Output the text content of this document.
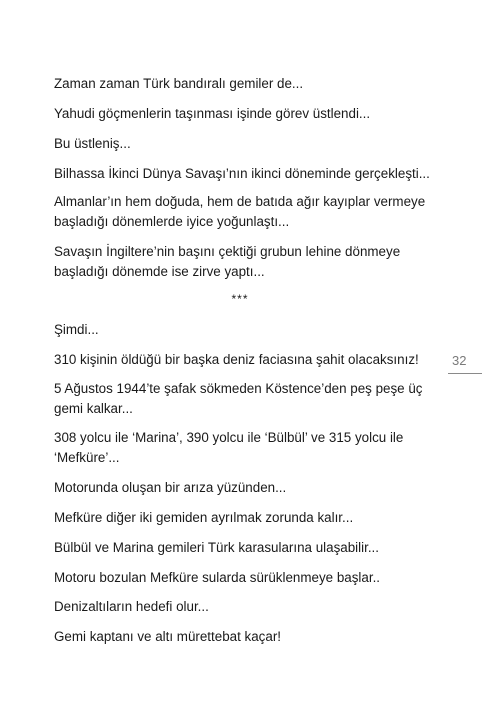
Zaman zaman Türk bandıralı gemiler de...

Yahudi göçmenlerin taşınması işinde görev üstlendi...

Bu üstleniş...

Bilhassa İkinci Dünya Savaşı’nın ikinci döneminde gerçekleşti...

Almanlar’ın hem doğuda, hem de batıda ağır kayıplar vermeye
başladığı dönemlerde iyice yoğunlaştı...

Savaşın İngiltere’nin başını çektiği grubun lehine dönmeye
başladığı dönemde ise zirve yaptı...

***

Şimdi...

310 kişinin öldüğü bir başka deniz faciasına şahit olacaksınız!

5 Ağustos 1944’te şafak sökmeden Köstence’den peş peşe üç
gemi kalkar...

308 yolcu ile ‘Marina’, 390 yolcu ile ‘Bülbül’ ve 315 yolcu ile
‘Mefküre’...

Motorunda oluşan bir arıza yüzünden...

Mefküre diğer iki gemiden ayrılmak zorunda kalır...

Bülbül ve Marina gemileri Türk karasularına ulaşabilir...

Motoru bozulan Mefküre sularda sürüklenmeye başlar..

Denizaltıların hedefi olur...

Gemi kaptanı ve altı mürettebat kaçar!

32
